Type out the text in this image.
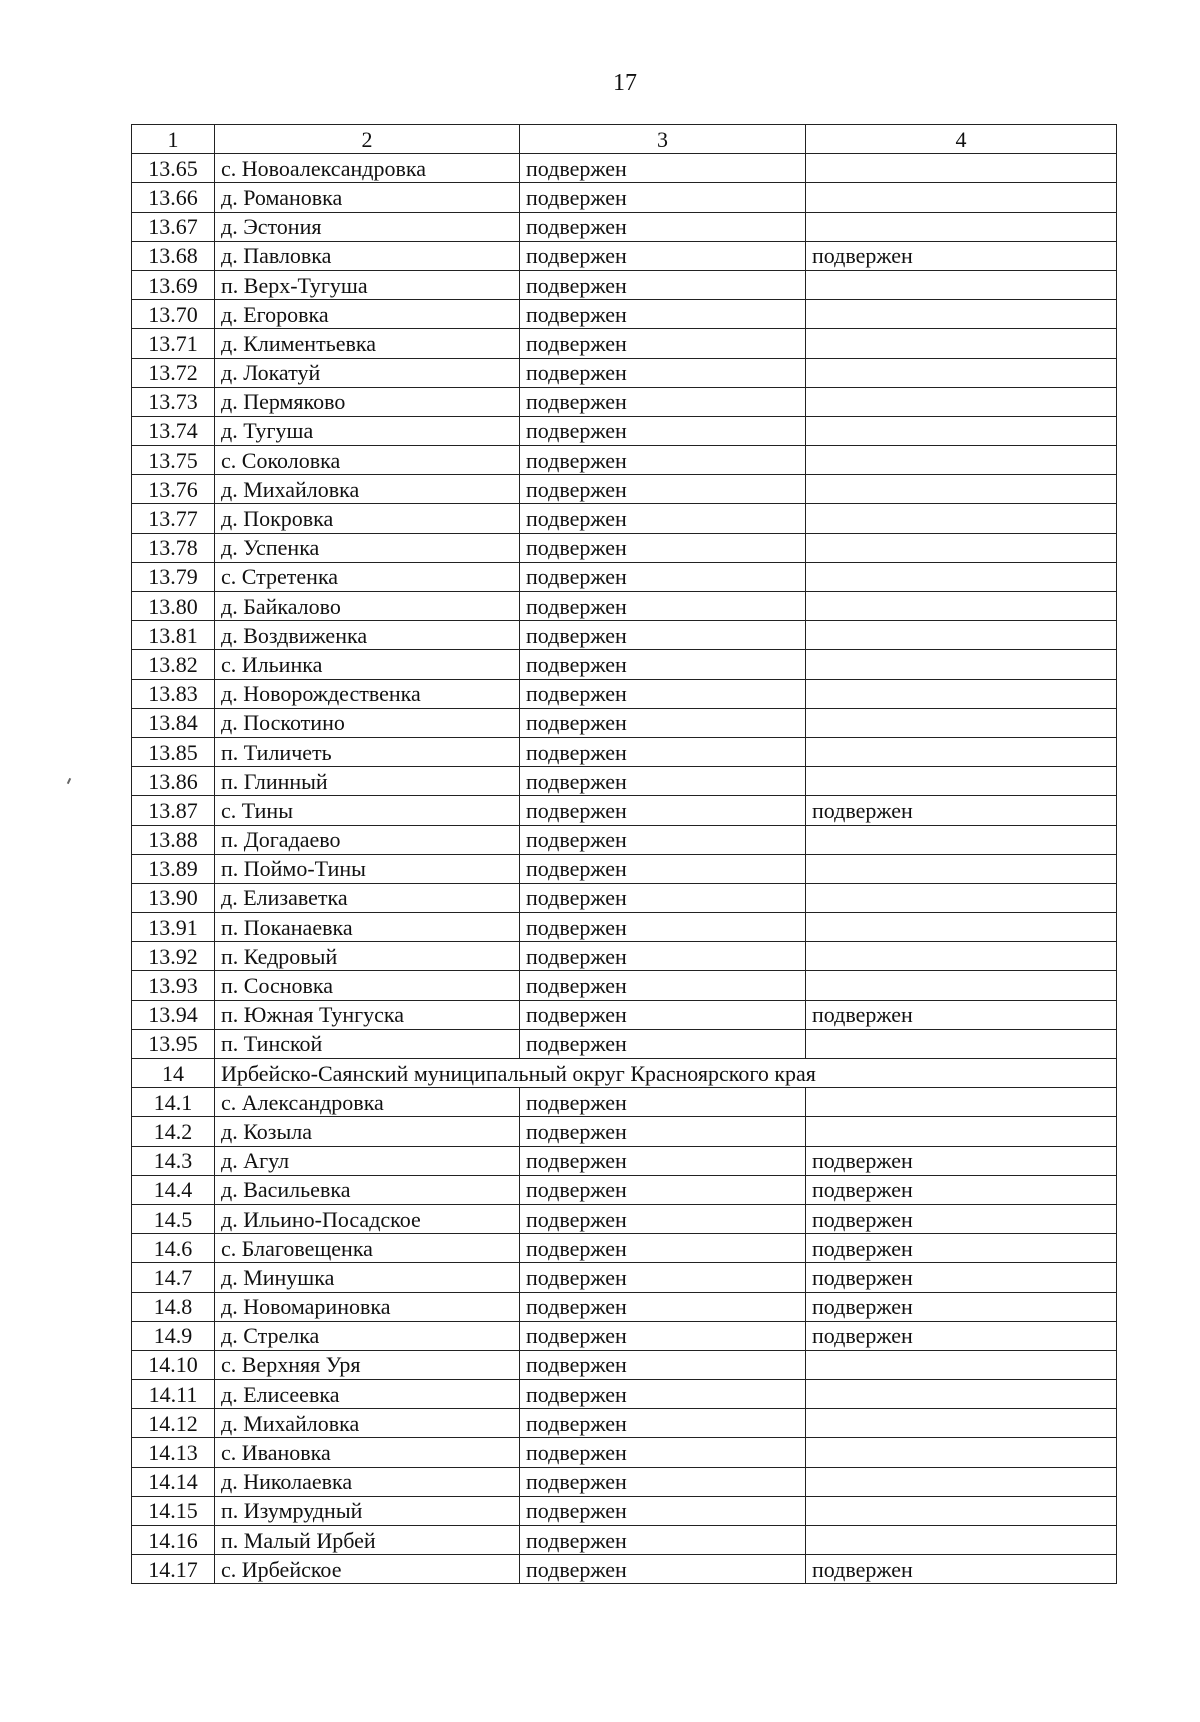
17
1	2	3	4
13.65	с. Новоалександровка	подвержен	
13.66	д. Романовка	подвержен	
13.67	д. Эстония	подвержен	
13.68	д. Павловка	подвержен	подвержен
13.69	п. Верх-Тугуша	подвержен	
13.70	д. Егоровка	подвержен	
13.71	д. Климентьевка	подвержен	
13.72	д. Локатуй	подвержен	
13.73	д. Пермяково	подвержен	
13.74	д. Тугуша	подвержен	
13.75	с. Соколовка	подвержен	
13.76	д. Михайловка	подвержен	
13.77	д. Покровка	подвержен	
13.78	д. Успенка	подвержен	
13.79	с. Стретенка	подвержен	
13.80	д. Байкалово	подвержен	
13.81	д. Воздвиженка	подвержен	
13.82	с. Ильинка	подвержен	
13.83	д. Новорождественка	подвержен	
13.84	д. Поскотино	подвержен	
13.85	п. Тиличеть	подвержен	
13.86	п. Глинный	подвержен	
13.87	с. Тины	подвержен	подвержен
13.88	п. Догадаево	подвержен	
13.89	п. Поймо-Тины	подвержен	
13.90	д. Елизаветка	подвержен	
13.91	п. Поканаевка	подвержен	
13.92	п. Кедровый	подвержен	
13.93	п. Сосновка	подвержен	
13.94	п. Южная Тунгуска	подвержен	подвержен
13.95	п. Тинской	подвержен	
14	Ирбейско-Саянский муниципальный округ Красноярского края		
14.1	с. Александровка	подвержен	
14.2	д. Козыла	подвержен	
14.3	д. Агул	подвержен	подвержен
14.4	д. Васильевка	подвержен	подвержен
14.5	д. Ильино-Посадское	подвержен	подвержен
14.6	с. Благовещенка	подвержен	подвержен
14.7	д. Минушка	подвержен	подвержен
14.8	д. Новомариновка	подвержен	подвержен
14.9	д. Стрелка	подвержен	подвержен
14.10	с. Верхняя Уря	подвержен	
14.11	д. Елисеевка	подвержен	
14.12	д. Михайловка	подвержен	
14.13	с. Ивановка	подвержен	
14.14	д. Николаевка	подвержен	
14.15	п. Изумрудный	подвержен	
14.16	п. Малый Ирбей	подвержен	
14.17	с. Ирбейское	подвержен	подвержен
